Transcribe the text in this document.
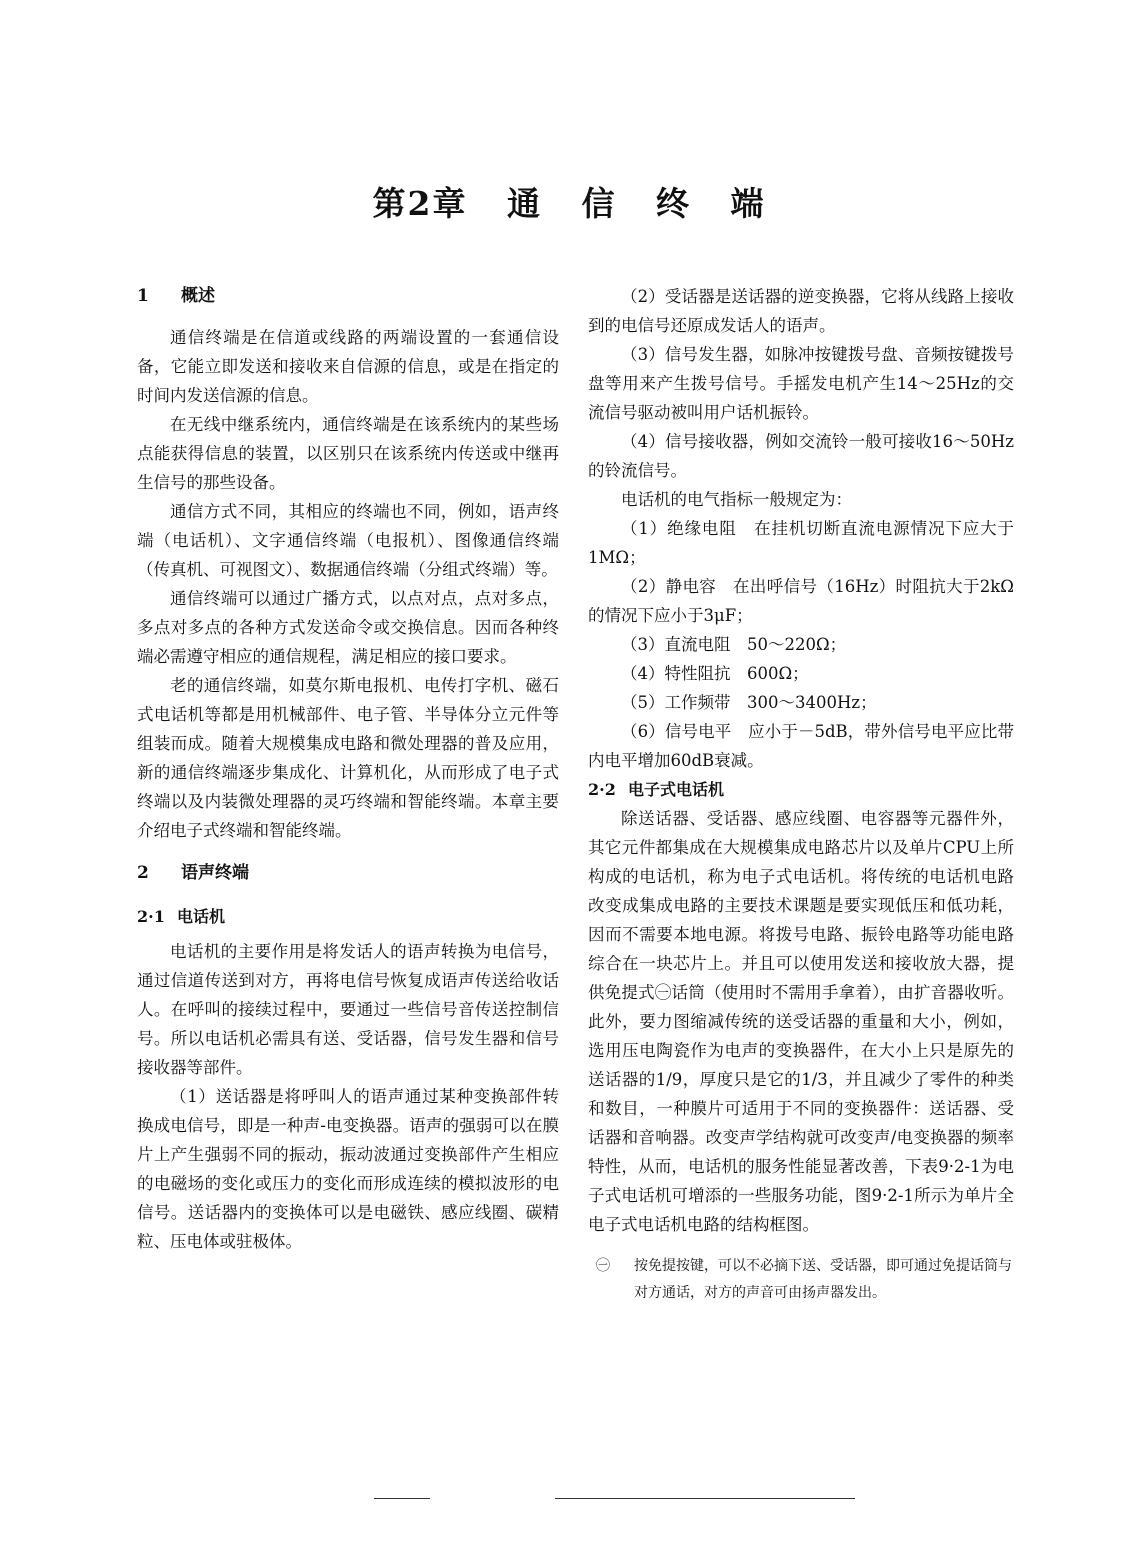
第2章 通 信 终 端
1 概述

通信终端是在信道或线路的两端设置的一套通信设备，它能立即发送和接收来自信源的信息，或是在指定的时间内发送信源的信息。

在无线中继系统内，通信终端是在该系统内的某些场点能获得信息的装置，以区别只在该系统内传送或中继再生信号的那些设备。

通信方式不同，其相应的终端也不同，例如，语声终端（电话机）、文字通信终端（电报机）、图像通信终端（传真机、可视图文）、数据通信终端（分组式终端）等。

通信终端可以通过广播方式，以点对点，点对多点，多点对多点的各种方式发送命令或交换信息。因而各种终端必需遵守相应的通信规程，满足相应的接口要求。

老的通信终端，如莫尔斯电报机、电传打字机、磁石式电话机等都是用机械部件、电子管、半导体分立元件等组装而成。随着大规模集成电路和微处理器的普及应用，新的通信终端逐步集成化、计算机化，从而形成了电子式终端以及内装微处理器的灵巧终端和智能终端。本章主要介绍电子式终端和智能终端。

2 语声终端
2·1 电话机

电话机的主要作用是将发话人的语声转换为电信号，通过信道传送到对方，再将电信号恢复成语声传送给收话人。在呼叫的接续过程中，要通过一些信号音传送控制信号。所以电话机必需具有送、受话器，信号发生器和信号接收器等部件。

（1）送话器是将呼叫人的语声通过某种变换部件转换成电信号，即是一种声-电变换器。语声的强弱可以在膜片上产生强弱不同的振动，振动波通过变换部件产生相应的电磁场的变化或压力的变化而形成连续的模拟波形的电信号。送话器内的变换体可以是电磁铁、感应线圈、碳精粒、压电体或驻极体。

（2）受话器是送话器的逆变换器，它将从线路上接收到的电信号还原成发话人的语声。

（3）信号发生器，如脉冲按键拨号盘、音频按键拨号盘等用来产生拨号信号。手摇发电机产生14～25Hz的交流信号驱动被叫用户话机振铃。

（4）信号接收器，例如交流铃一般可接收16～50Hz的铃流信号。

电话机的电气指标一般规定为：

（1）绝缘电阻　在挂机切断直流电源情况下应大于1MΩ；

（2）静电容　在出呼信号（16Hz）时阻抗大于2kΩ的情况下应小于3μF；

（3）直流电阻　50～220Ω；

（4）特性阻抗　600Ω；

（5）工作频带　300～3400Hz；

（6）信号电平　应小于－5dB，带外信号电平应比带内电平增加60dB衰减。

2·2 电子式电话机

除送话器、受话器、感应线圈、电容器等元器件外，其它元件都集成在大规模集成电路芯片以及单片CPU上所构成的电话机，称为电子式电话机。将传统的电话机电路改变成集成电路的主要技术课题是要实现低压和低功耗，因而不需要本地电源。将拨号电路、振铃电路等功能电路综合在一块芯片上。并且可以使用发送和接收放大器，提供免提式㊀话筒（使用时不需用手拿着），由扩音器收听。此外，要力图缩减传统的送受话器的重量和大小，例如，选用压电陶瓷作为电声的变换器件，在大小上只是原先的送话器的1/9，厚度只是它的1/3，并且减少了零件的种类和数目，一种膜片可适用于不同的变换器件：送话器、受话器和音响器。改变声学结构就可改变声/电变换器的频率特性，从而，电话机的服务性能显著改善，下表9·2-1为电子式电话机可增添的一些服务功能，图9·2-1所示为单片全电子式电话机电路的结构框图。

㊀	按免提按键，可以不必摘下送、受话器，即可通过免提话筒与对方通话，对方的声音可由扬声器发出。
